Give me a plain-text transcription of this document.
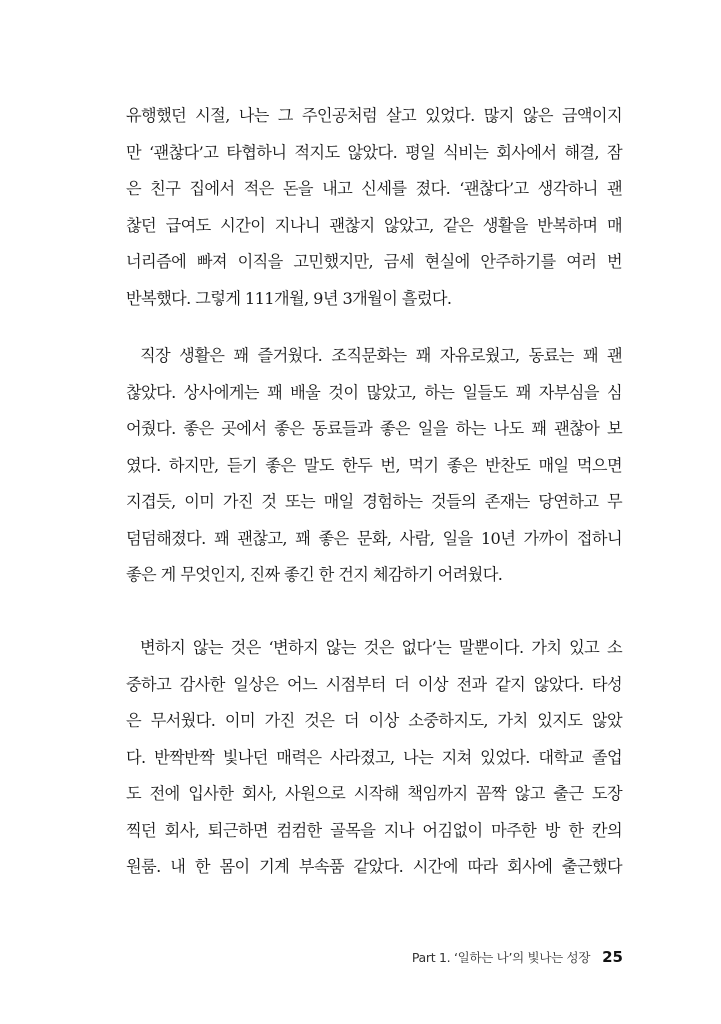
유행했던 시절, 나는 그 주인공처럼 살고 있었다. 많지 않은 금액이지
만 ‘괜찮다’고 타협하니 적지도 않았다. 평일 식비는 회사에서 해결, 잠
은 친구 집에서 적은 돈을 내고 신세를 졌다. ‘괜찮다’고 생각하니 괜
찮던 급여도 시간이 지나니 괜찮지 않았고, 같은 생활을 반복하며 매
너리즘에 빠져 이직을 고민했지만, 금세 현실에 안주하기를 여러 번
반복했다. 그렇게 111개월, 9년 3개월이 흘렀다.
직장 생활은 꽤 즐거웠다. 조직문화는 꽤 자유로웠고, 동료는 꽤 괜
찮았다. 상사에게는 꽤 배울 것이 많았고, 하는 일들도 꽤 자부심을 심
어줬다. 좋은 곳에서 좋은 동료들과 좋은 일을 하는 나도 꽤 괜찮아 보
였다. 하지만, 듣기 좋은 말도 한두 번, 먹기 좋은 반찬도 매일 먹으면
지겹듯, 이미 가진 것 또는 매일 경험하는 것들의 존재는 당연하고 무
덤덤해졌다. 꽤 괜찮고, 꽤 좋은 문화, 사람, 일을 10년 가까이 접하니
좋은 게 무엇인지, 진짜 좋긴 한 건지 체감하기 어려웠다.
변하지 않는 것은 ‘변하지 않는 것은 없다’는 말뿐이다. 가치 있고 소
중하고 감사한 일상은 어느 시점부터 더 이상 전과 같지 않았다. 타성
은 무서웠다. 이미 가진 것은 더 이상 소중하지도, 가치 있지도 않았
다. 반짝반짝 빛나던 매력은 사라졌고, 나는 지쳐 있었다. 대학교 졸업
도 전에 입사한 회사, 사원으로 시작해 책임까지 꼼짝 않고 출근 도장
찍던 회사, 퇴근하면 컴컴한 골목을 지나 어김없이 마주한 방 한 칸의
원룸. 내 한 몸이 기계 부속품 같았다. 시간에 따라 회사에 출근했다
Part 1. ‘일하는 나’의 빛나는 성장 25
